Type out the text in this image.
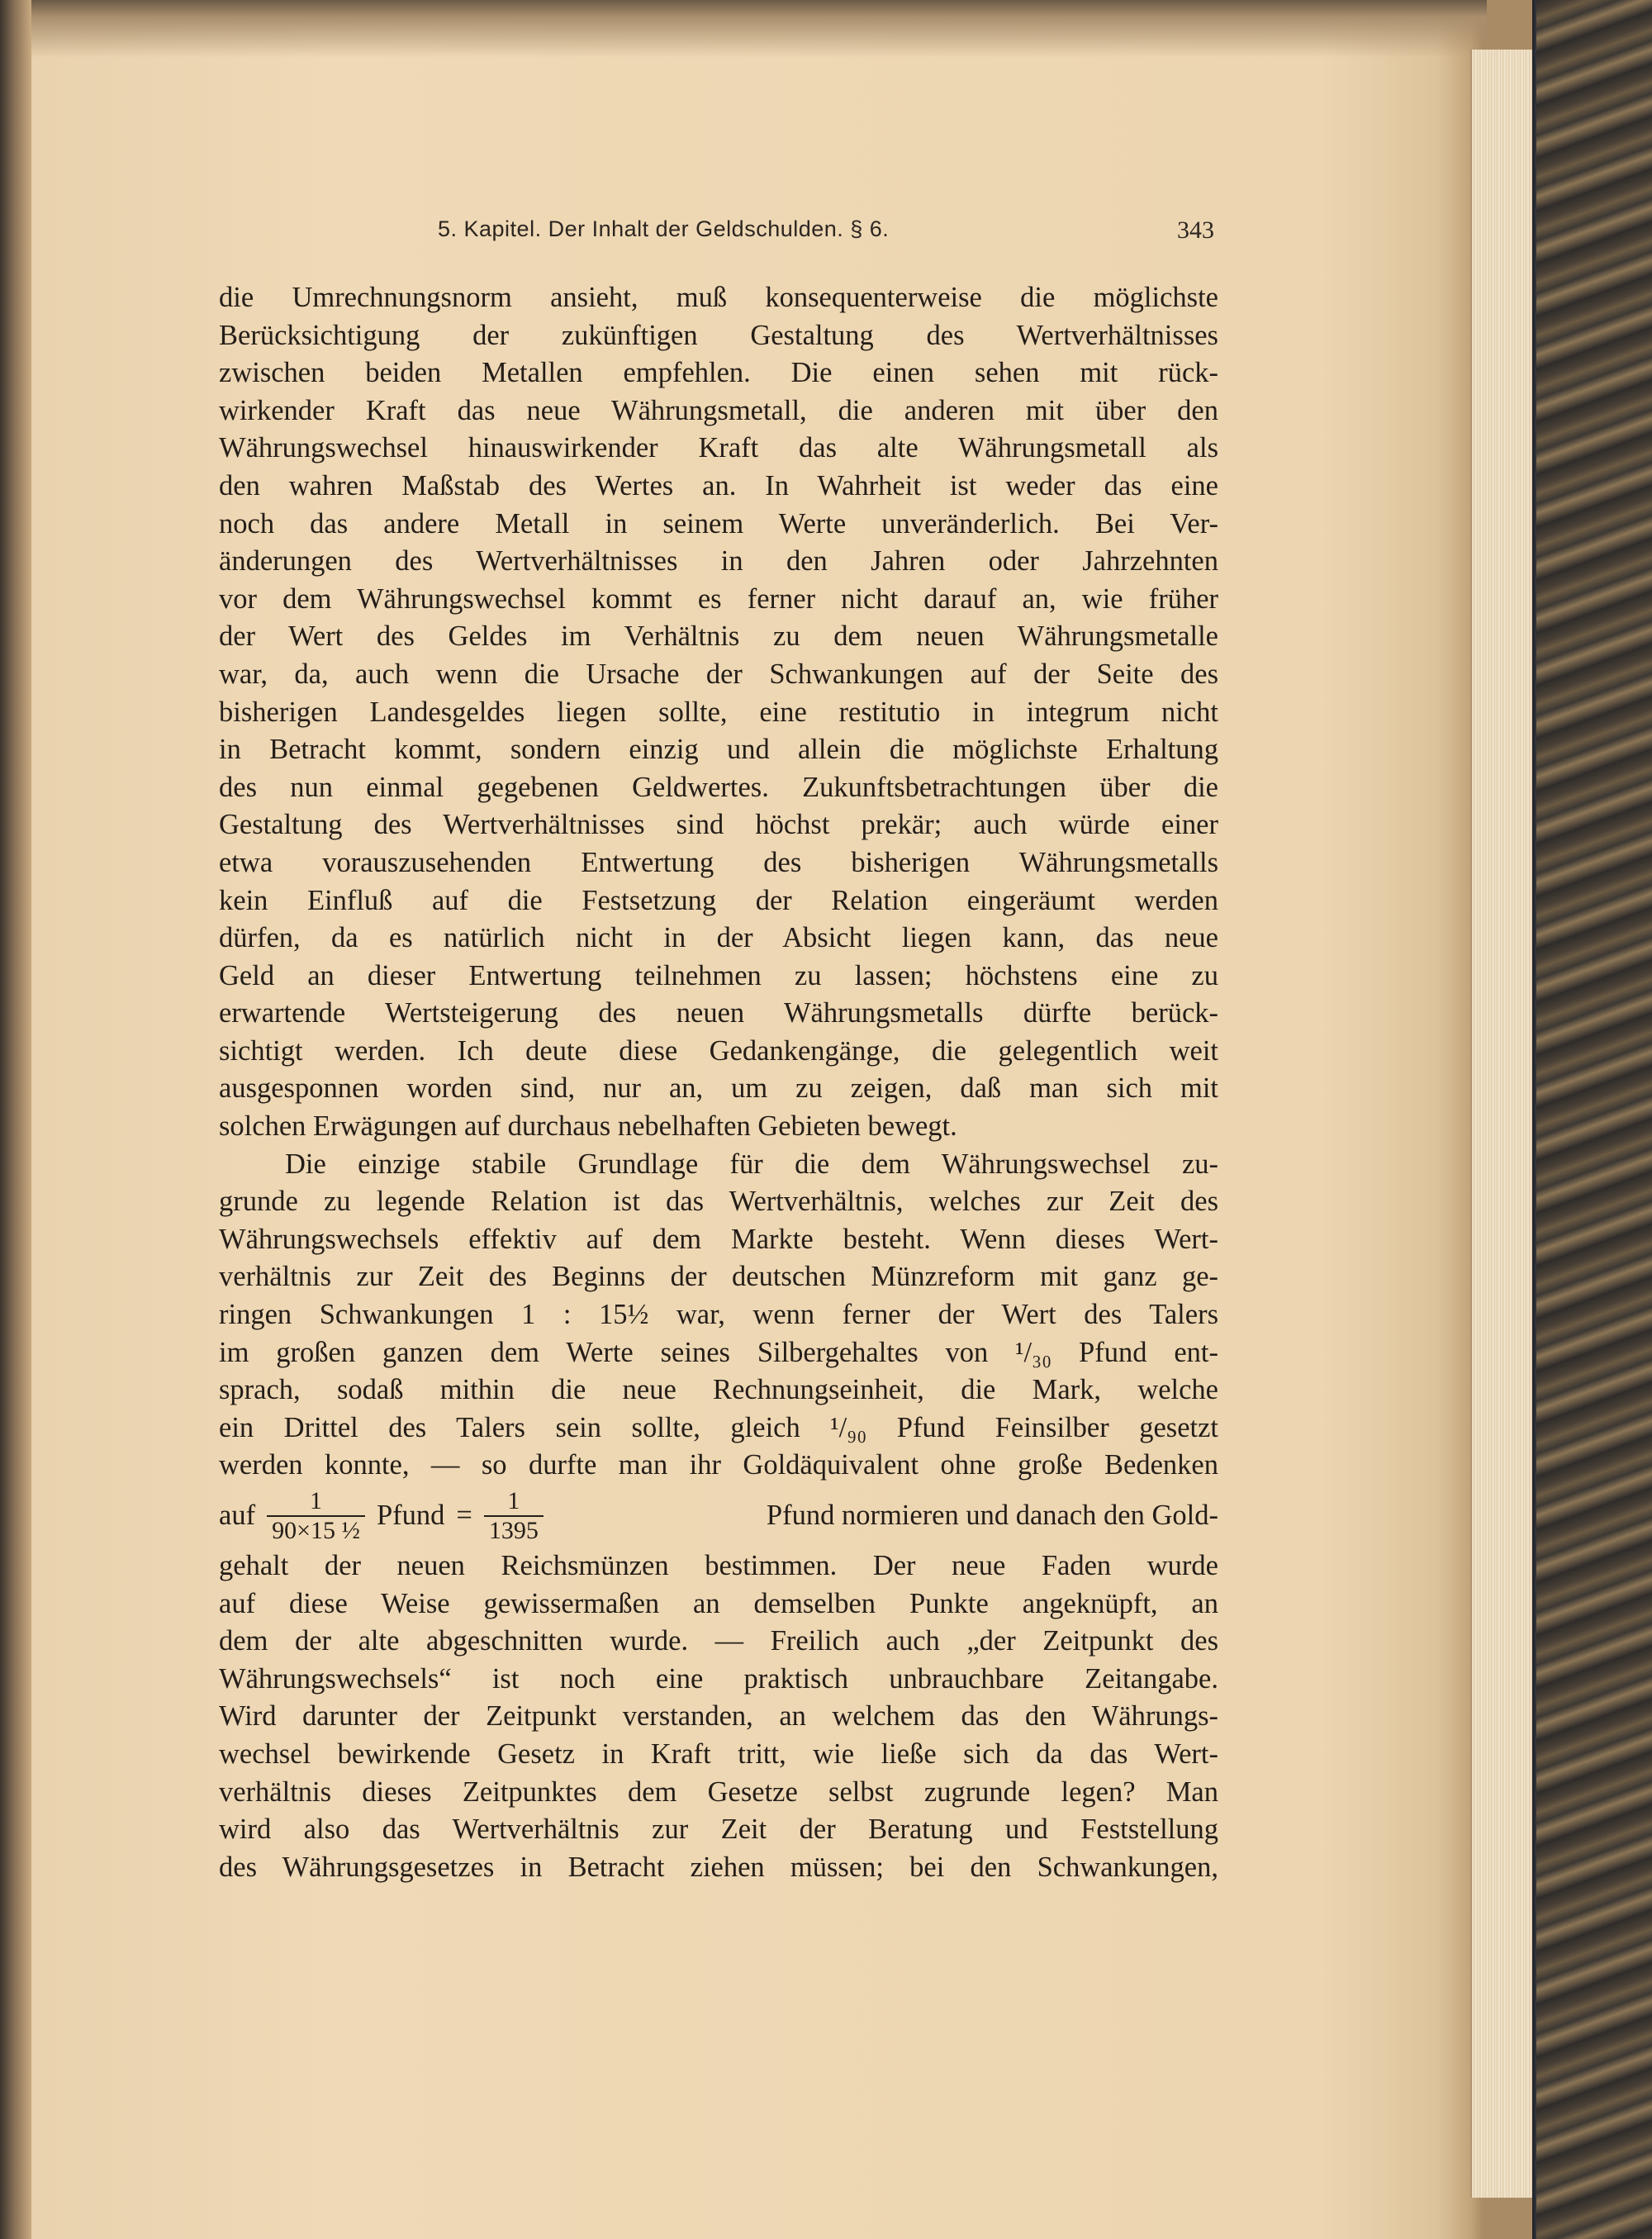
5. Kapitel. Der Inhalt der Geldschulden. § 6.	343
die Umrechnungsnorm ansieht, muß konsequenterweise die möglichste
Berücksichtigung der zukünftigen Gestaltung des Wertverhältnisses
zwischen beiden Metallen empfehlen. Die einen sehen mit rück-
wirkender Kraft das neue Währungsmetall, die anderen mit über den
Währungswechsel hinauswirkender Kraft das alte Währungsmetall als
den wahren Maßstab des Wertes an. In Wahrheit ist weder das eine
noch das andere Metall in seinem Werte unveränderlich. Bei Ver-
änderungen des Wertverhältnisses in den Jahren oder Jahrzehnten
vor dem Währungswechsel kommt es ferner nicht darauf an, wie früher
der Wert des Geldes im Verhältnis zu dem neuen Währungsmetalle
war, da, auch wenn die Ursache der Schwankungen auf der Seite des
bisherigen Landesgeldes liegen sollte, eine restitutio in integrum nicht
in Betracht kommt, sondern einzig und allein die möglichste Erhaltung
des nun einmal gegebenen Geldwertes. Zukunftsbetrachtungen über die
Gestaltung des Wertverhältnisses sind höchst prekär; auch würde einer
etwa vorauszusehenden Entwertung des bisherigen Währungsmetalls
kein Einfluß auf die Festsetzung der Relation eingeräumt werden
dürfen, da es natürlich nicht in der Absicht liegen kann, das neue
Geld an dieser Entwertung teilnehmen zu lassen; höchstens eine zu
erwartende Wertsteigerung des neuen Währungsmetalls dürfte berück-
sichtigt werden. Ich deute diese Gedankengänge, die gelegentlich weit
ausgesponnen worden sind, nur an, um zu zeigen, daß man sich mit
solchen Erwägungen auf durchaus nebelhaften Gebieten bewegt.
Die einzige stabile Grundlage für die dem Währungswechsel zu-
grunde zu legende Relation ist das Wertverhältnis, welches zur Zeit des
Währungswechsels effektiv auf dem Markte besteht. Wenn dieses Wert-
verhältnis zur Zeit des Beginns der deutschen Münzreform mit ganz ge-
ringen Schwankungen 1 : 15½ war, wenn ferner der Wert des Talers
im großen ganzen dem Werte seines Silbergehaltes von ¹/₃₀ Pfund ent-
sprach, sodaß mithin die neue Rechnungseinheit, die Mark, welche
ein Drittel des Talers sein sollte, gleich ¹/₉₀ Pfund Feinsilber gesetzt
werden konnte, — so durfte man ihr Goldäquivalent ohne große Bedenken
auf $\frac{1}{\text{90×15 ½}}$ Pfund = $\frac{1}{1395}$	Pfund normieren und danach den Gold-
gehalt der neuen Reichsmünzen bestimmen. Der neue Faden wurde
auf diese Weise gewissermaßen an demselben Punkte angeknüpft, an
dem der alte abgeschnitten wurde. — Freilich auch „der Zeitpunkt des
Währungswechsels“ ist noch eine praktisch unbrauchbare Zeitangabe.
Wird darunter der Zeitpunkt verstanden, an welchem das den Währungs-
wechsel bewirkende Gesetz in Kraft tritt, wie ließe sich da das Wert-
verhältnis dieses Zeitpunktes dem Gesetze selbst zugrunde legen? Man
wird also das Wertverhältnis zur Zeit der Beratung und Feststellung
des Währungsgesetzes in Betracht ziehen müssen; bei den Schwankungen,
